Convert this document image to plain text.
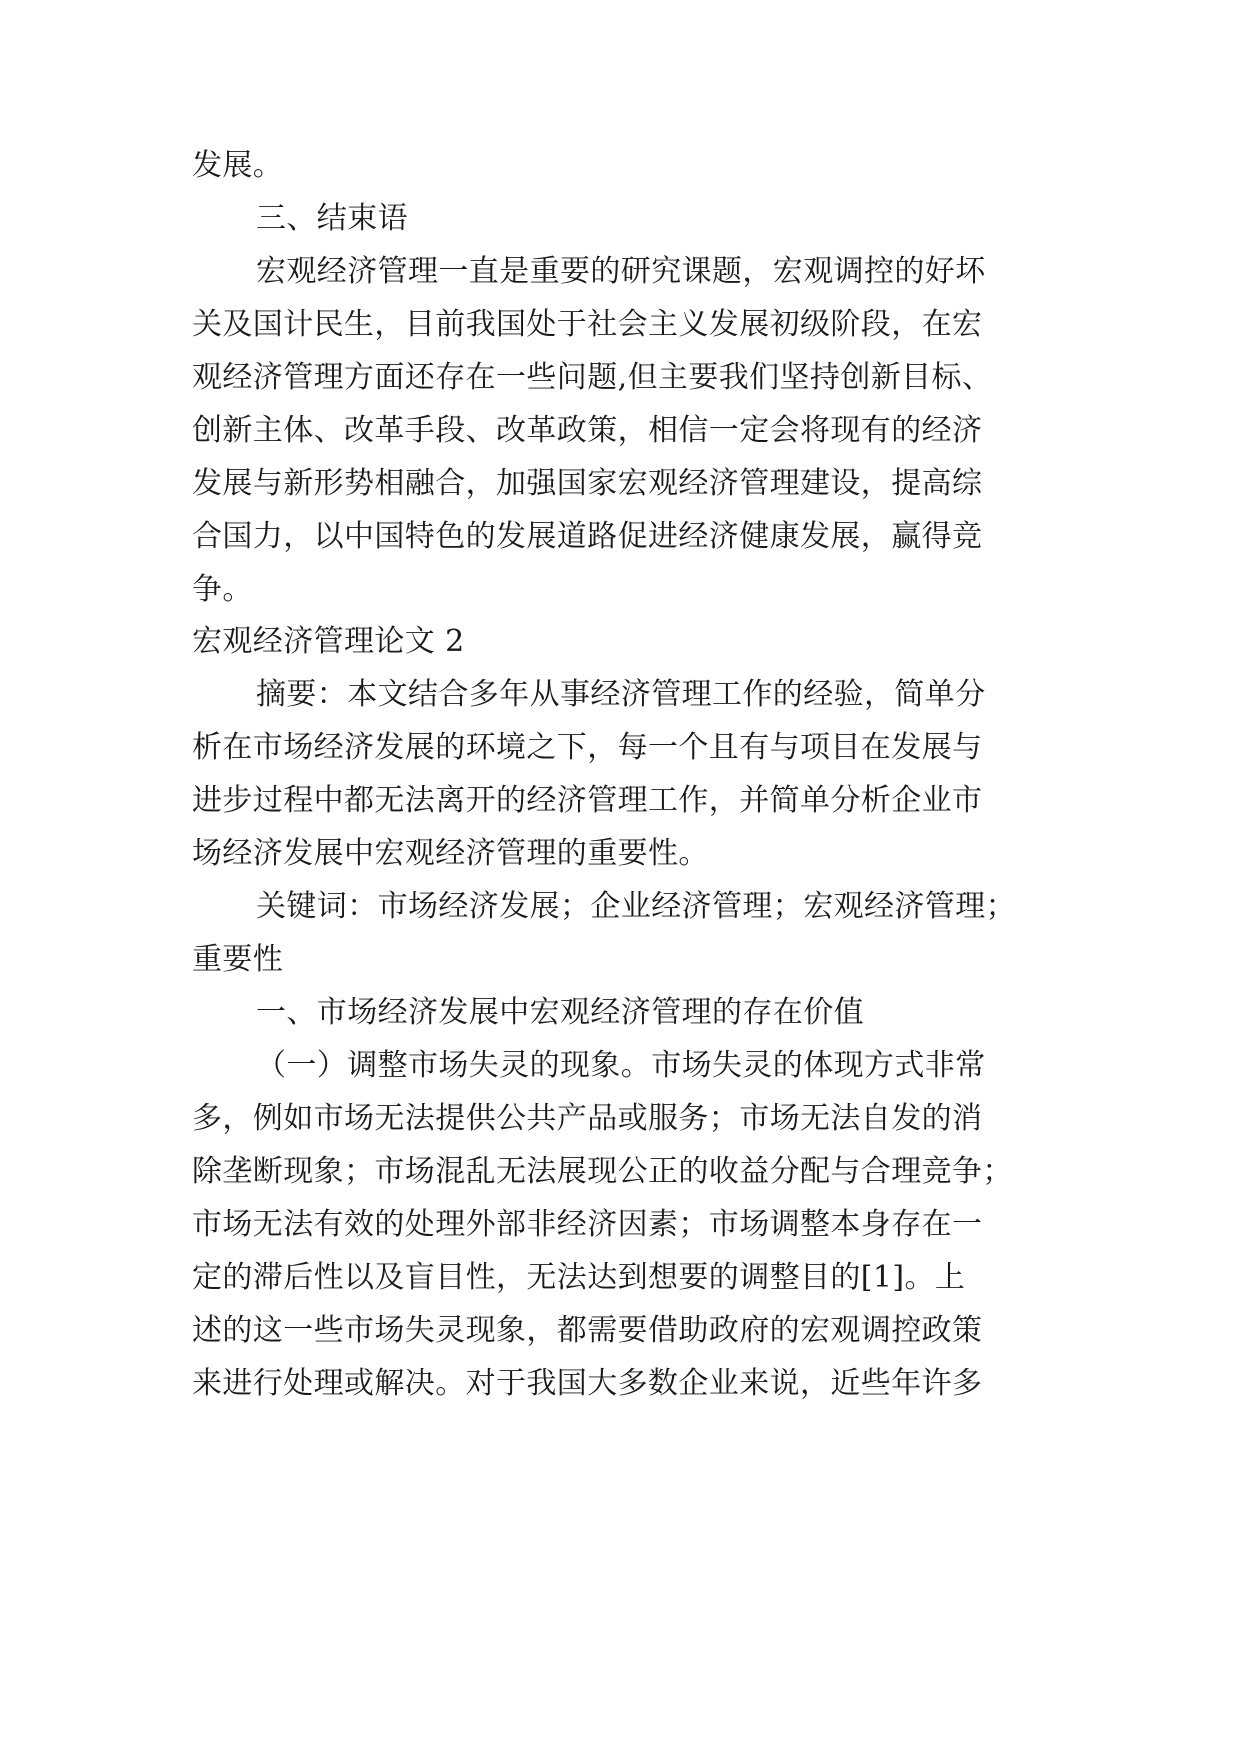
发展。
三、结束语
宏观经济管理一直是重要的研究课题，宏观调控的好坏
关及国计民生，目前我国处于社会主义发展初级阶段，在宏
观经济管理方面还存在一些问题,但主要我们坚持创新目标、
创新主体、改革手段、改革政策，相信一定会将现有的经济
发展与新形势相融合，加强国家宏观经济管理建设，提高综
合国力，以中国特色的发展道路促进经济健康发展，赢得竞
争。
宏观经济管理论文 2
摘要：本文结合多年从事经济管理工作的经验，简单分
析在市场经济发展的环境之下，每一个且有与项目在发展与
进步过程中都无法离开的经济管理工作，并简单分析企业市
场经济发展中宏观经济管理的重要性。
关键词：市场经济发展；企业经济管理；宏观经济管理；
重要性
一、市场经济发展中宏观经济管理的存在价值
（一）调整市场失灵的现象。市场失灵的体现方式非常
多，例如市场无法提供公共产品或服务；市场无法自发的消
除垄断现象；市场混乱无法展现公正的收益分配与合理竞争；
市场无法有效的处理外部非经济因素；市场调整本身存在一
定的滞后性以及盲目性，无法达到想要的调整目的[1]。上
述的这一些市场失灵现象，都需要借助政府的宏观调控政策
来进行处理或解决。对于我国大多数企业来说，近些年许多
